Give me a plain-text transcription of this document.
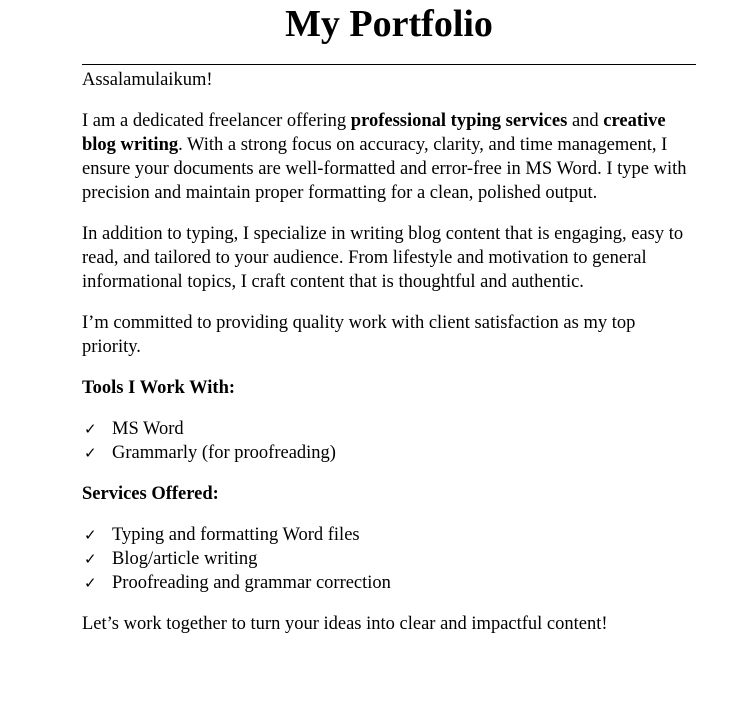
My Portfolio

Assalamulaikum!

I am a dedicated freelancer offering professional typing services and creative blog writing. With a strong focus on accuracy, clarity, and time management, I ensure your documents are well-formatted and error-free in MS Word. I type with precision and maintain proper formatting for a clean, polished output.

In addition to typing, I specialize in writing blog content that is engaging, easy to read, and tailored to your audience. From lifestyle and motivation to general informational topics, I craft content that is thoughtful and authentic.

I’m committed to providing quality work with client satisfaction as my top priority.

Tools I Work With:

✓ MS Word
✓ Grammarly (for proofreading)

Services Offered:

✓ Typing and formatting Word files
✓ Blog/article writing
✓ Proofreading and grammar correction

Let’s work together to turn your ideas into clear and impactful content!
